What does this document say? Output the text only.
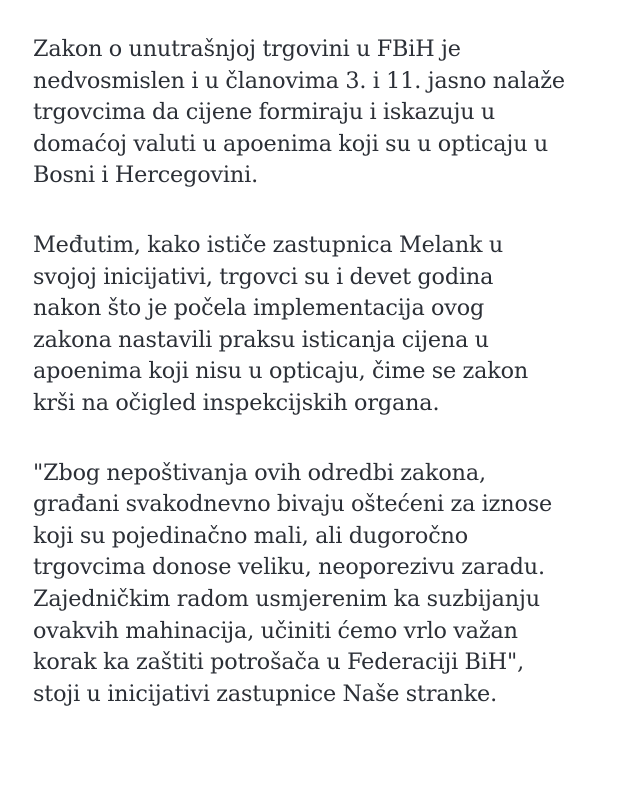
Zakon o unutrašnjoj trgovini u FBiH je
nedvosmislen i u članovima 3. i 11. jasno nalaže
trgovcima da cijene formiraju i iskazuju u
domaćoj valuti u apoenima koji su u opticaju u
Bosni i Hercegovini.

Međutim, kako ističe zastupnica Melank u
svojoj inicijativi, trgovci su i devet godina
nakon što je počela implementacija ovog
zakona nastavili praksu isticanja cijena u
apoenima koji nisu u opticaju, čime se zakon
krši na očigled inspekcijskih organa.

"Zbog nepoštivanja ovih odredbi zakona,
građani svakodnevno bivaju oštećeni za iznose
koji su pojedinačno mali, ali dugoročno
trgovcima donose veliku, neoporezivu zaradu.
Zajedničkim radom usmjerenim ka suzbijanju
ovakvih mahinacija, učiniti ćemo vrlo važan
korak ka zaštiti potrošača u Federaciji BiH",
stoji u inicijativi zastupnice Naše stranke.
